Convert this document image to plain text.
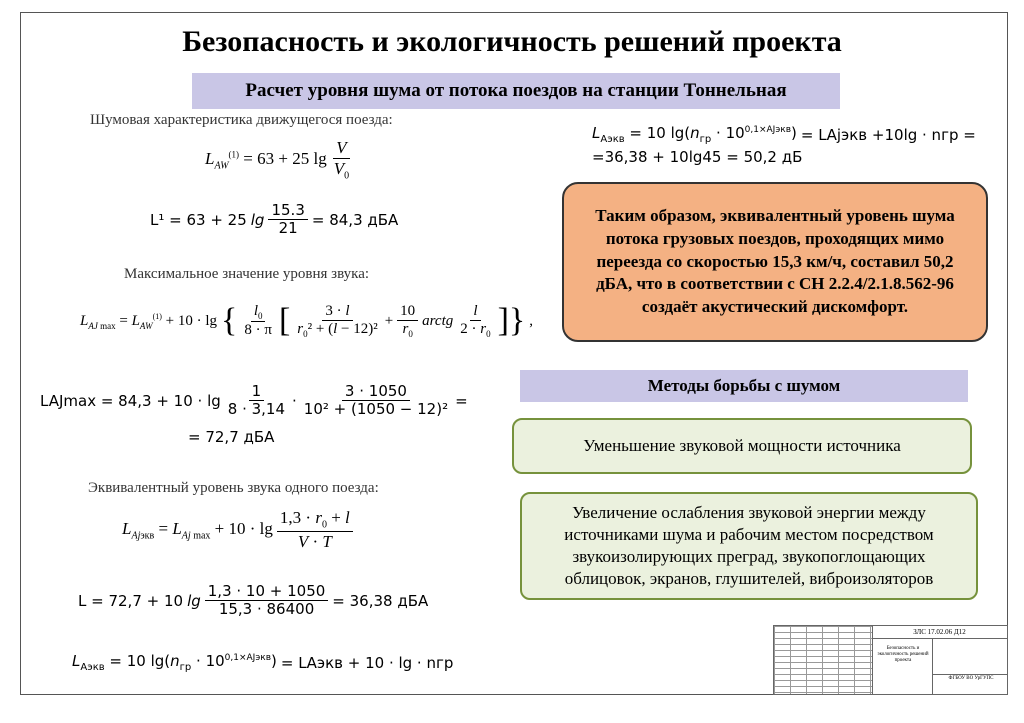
Безопасность и экологичность решений проекта
Расчет уровня шума от потока поездов на станции Тоннельная
Шумовая характеристика движущегося поезда:
$L_{AW}^{(1)} = 63 + 25$ $\lg \frac{V}{V_0}$
L¹ = 63 + 25 $\lg \frac{15.3}{21} = 84,3$ дБА
Максимальное значение уровня звука:
$L_{AJ max} = L_{AW}^{(1)} + 10 \cdot \lg$ { $\frac{l_0}{8 \cdot \pi}$ [ $\frac{3 \cdot l}{r_0^2 + (l - 12)^2} + \frac{10}{r_0}$ arctg $\frac{l}{2 \cdot r_0}$ ]} ,
$LAJmax = 84,3 + 10 \cdot \lg \frac{1}{8 \cdot 3,14} \cdot \frac{3 \cdot 1050}{\text{10² + (1050 − 12)²}}$ =
= 72,7 дБА
Эквивалентный уровень звука одного поезда:
$L_{Ajэкв} = L_{Aj max} + 10 \cdot \lg \frac{1,3 \cdot r_0 + l}{V \cdot T}$
L = 72,7 + 10 $\lg \frac{1,3 \cdot 10 + 1050}{15,3 \cdot 86400} = 36,38$ дБА
$L_{Аэкв} = 10$ $\lg(n_{гр} \cdot 10^{0,1\times AJэкв})$ = LАэкв + 10 · lg · nгр
$L_{Аэкв} = 10$ $\lg(n_{гр} \cdot 10^{0,1\times AJэкв})$ = LАjэкв +10lg · nгр =
=36,38 + 10lg45 = 50,2 дБ
Таким образом, эквивалентный уровень шума потока грузовых поездов, проходящих мимо переезда со скоростью 15,3 км/ч, составил 50,2 дБА, что в соответствии с СН 2.2.4/2.1.8.562-96 создаёт акустический дискомфорт.
Методы борьбы с шумом
Уменьшение звуковой мощности источника
Увеличение ослабления звуковой энергии между источниками шума и рабочим местом посредством звукоизолирующих преград, звукопоглощающих облицовок, экранов, глушителей, виброизоляторов
ЗЛС 17.02.06 Д12
Безопасность и экологичность решений проекта
ФГБОУ ВО УрГУПС
